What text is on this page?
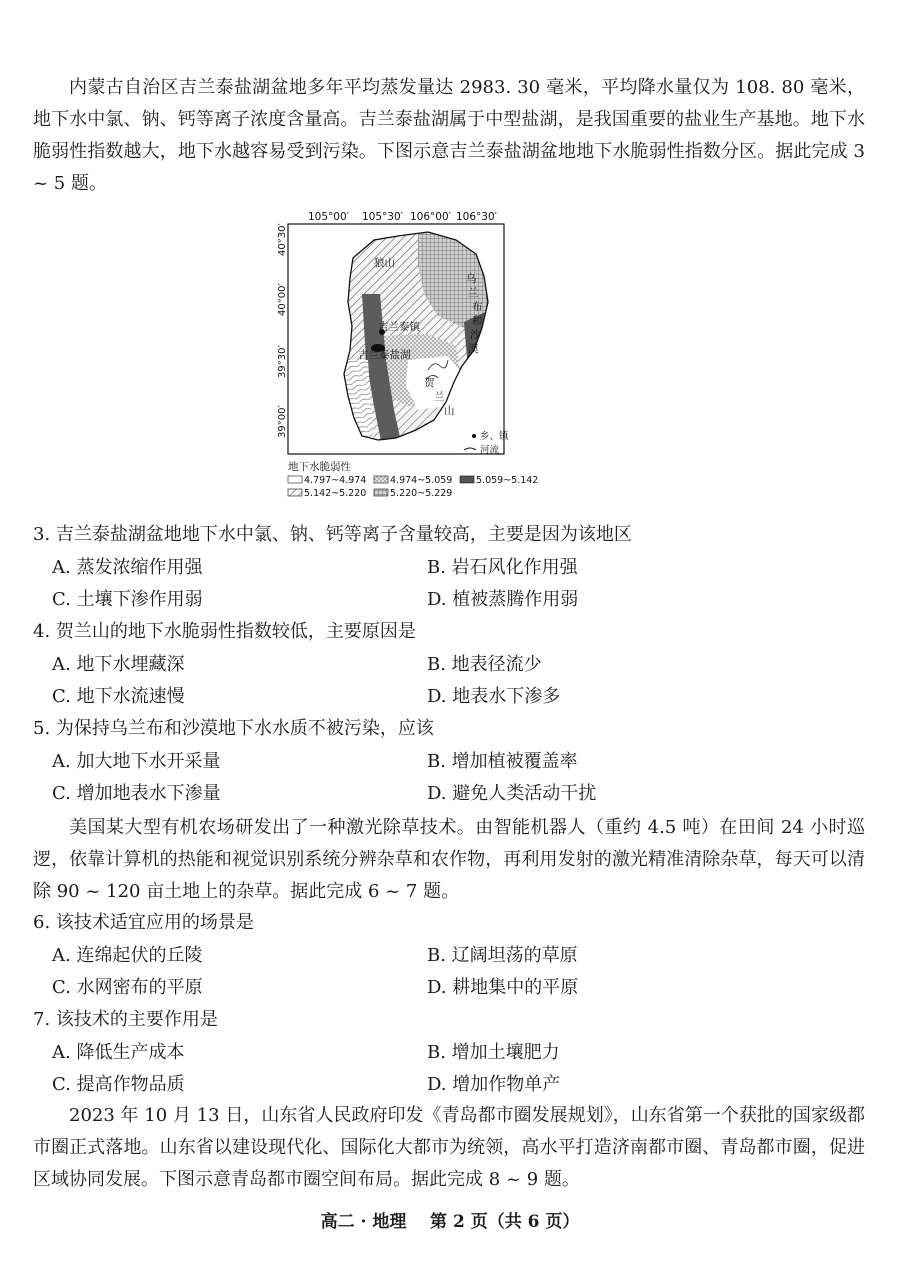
内蒙古自治区吉兰泰盐湖盆地多年平均蒸发量达 2983. 30 毫米，平均降水量仅为 108. 80 毫米，地下水中氯、钠、钙等离子浓度含量高。吉兰泰盐湖属于中型盐湖，是我国重要的盐业生产基地。地下水脆弱性指数越大，地下水越容易受到污染。下图示意吉兰泰盐湖盆地地下水脆弱性指数分区。据此完成 3 ~ 5 题。

105°00′ 105°30′ 106°00′ 106°30′
40°30′
40°00′
39°30′
39°00′
狼山
乌
兰
布
和
沙
漠
吉兰泰镇
吉兰泰盐湖
贺
兰
山
乡、镇
河流
地下水脆弱性
4.797~4.974 4.974~5.059 5.059~5.142
5.142~5.220 5.220~5.229
3. 吉兰泰盐湖盆地地下水中氯、钠、钙等离子含量较高，主要是因为该地区
A. 蒸发浓缩作用强	B. 岩石风化作用强
C. 土壤下渗作用弱	D. 植被蒸腾作用弱
4. 贺兰山的地下水脆弱性指数较低，主要原因是
A. 地下水埋藏深	B. 地表径流少
C. 地下水流速慢	D. 地表水下渗多
5. 为保持乌兰布和沙漠地下水水质不被污染，应该
A. 加大地下水开采量	B. 增加植被覆盖率
C. 增加地表水下渗量	D. 避免人类活动干扰

美国某大型有机农场研发出了一种激光除草技术。由智能机器人（重约 4.5 吨）在田间 24 小时巡逻，依靠计算机的热能和视觉识别系统分辨杂草和农作物，再利用发射的激光精准清除杂草，每天可以清除 90 ~ 120 亩土地上的杂草。据此完成 6 ~ 7 题。

6. 该技术适宜应用的场景是
A. 连绵起伏的丘陵	B. 辽阔坦荡的草原
C. 水网密布的平原	D. 耕地集中的平原
7. 该技术的主要作用是
A. 降低生产成本	B. 增加土壤肥力
C. 提高作物品质	D. 增加作物单产

2023 年 10 月 13 日，山东省人民政府印发《青岛都市圈发展规划》，山东省第一个获批的国家级都市圈正式落地。山东省以建设现代化、国际化大都市为统领，高水平打造济南都市圈、青岛都市圈，促进区域协同发展。下图示意青岛都市圈空间布局。据此完成 8 ~ 9 题。

高二 · 地理    第 2 页（共 6 页）
